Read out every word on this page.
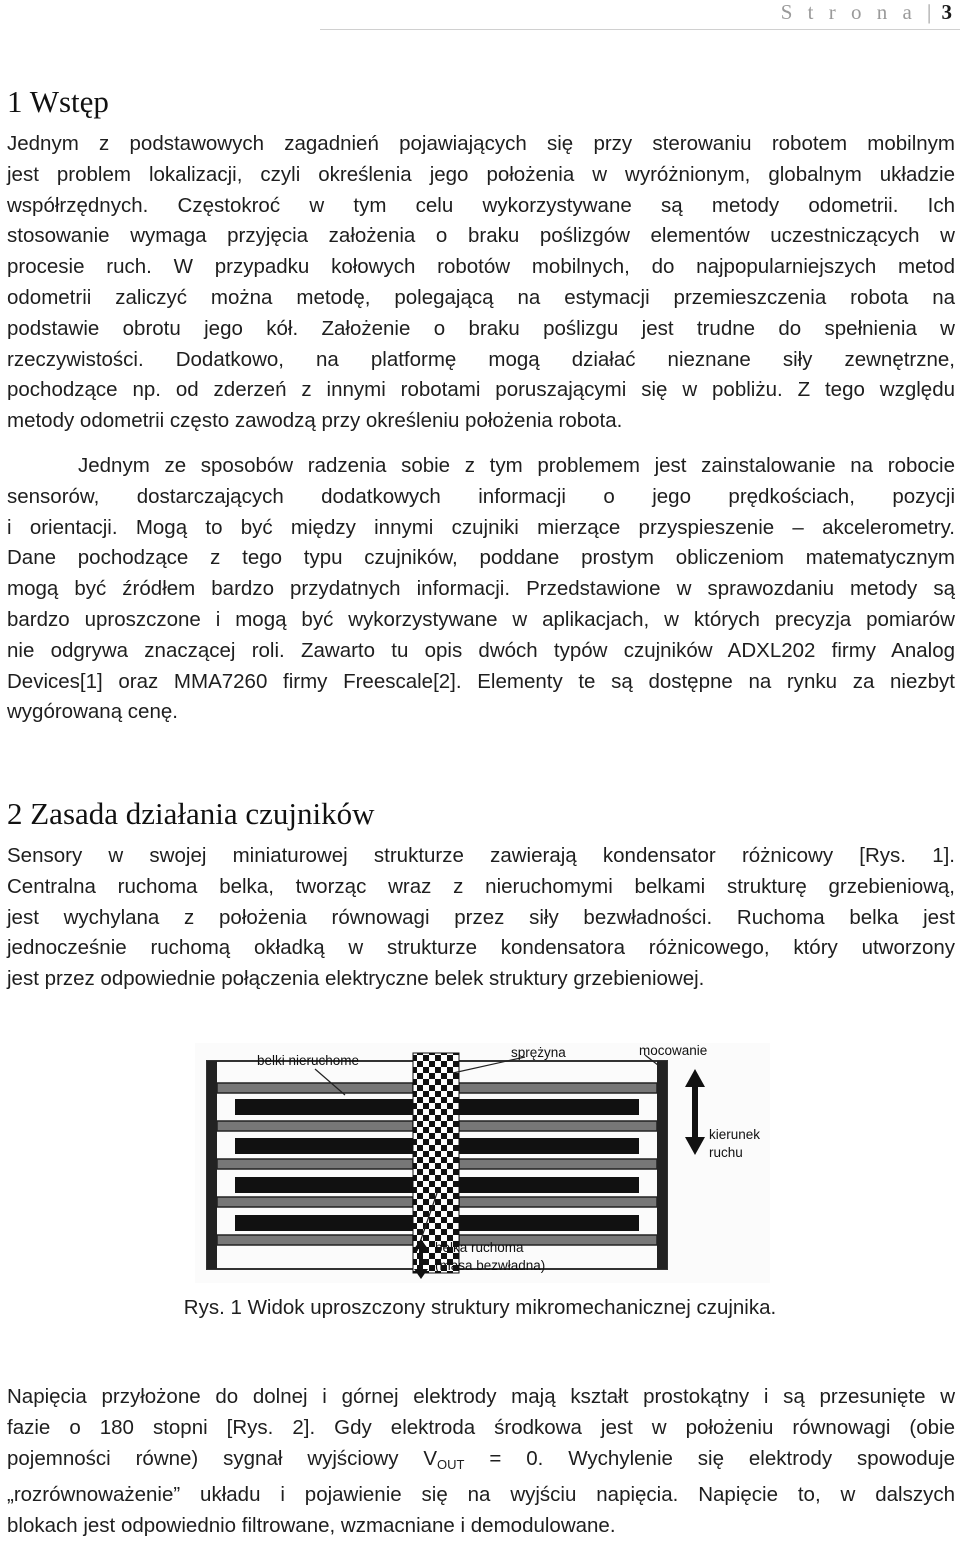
S t r o n a | 3
1 Wstęp
Jednym z podstawowych zagadnień pojawiających się przy sterowaniu robotem mobilnym
jest problem lokalizacji, czyli określenia jego położenia w wyróżnionym, globalnym układzie
współrzędnych. Częstokroć w tym celu wykorzystywane są metody odometrii. Ich
stosowanie wymaga przyjęcia założenia o braku poślizgów elementów uczestniczących w
procesie ruch. W przypadku kołowych robotów mobilnych, do najpopularniejszych metod
odometrii zaliczyć można metodę, polegającą na estymacji przemieszczenia robota na
podstawie obrotu jego kół. Założenie o braku poślizgu jest trudne do spełnienia w
rzeczywistości. Dodatkowo, na platformę mogą działać nieznane siły zewnętrzne,
pochodzące np. od zderzeń z innymi robotami poruszającymi się w pobliżu. Z tego względu
metody odometrii często zawodzą przy określeniu położenia robota.
Jednym ze sposobów radzenia sobie z tym problemem jest zainstalowanie na robocie
sensorów, dostarczających dodatkowych informacji o jego prędkościach, pozycji
i orientacji. Mogą to być między innymi czujniki mierzące przyspieszenie – akcelerometry.
Dane pochodzące z tego typu czujników, poddane prostym obliczeniom matematycznym
mogą być źródłem bardzo przydatnych informacji. Przedstawione w sprawozdaniu metody są
bardzo uproszczone i mogą być wykorzystywane w aplikacjach, w których precyzja pomiarów
nie odgrywa znaczącej roli. Zawarto tu opis dwóch typów czujników ADXL202 firmy Analog
Devices[1] oraz MMA7260 firmy Freescale[2]. Elementy te są dostępne na rynku za niezbyt
wygórowaną cenę.
2 Zasada działania czujników
Sensory w swojej miniaturowej strukturze zawierają kondensator różnicowy [Rys. 1].
Centralna ruchoma belka, tworząc wraz z nieruchomymi belkami strukturę grzebieniową,
jest wychylana z położenia równowagi przez siły bezwładności. Ruchoma belka jest
jednocześnie ruchomą okładką w strukturze kondensatora różnicowego, który utworzony
jest przez odpowiednie połączenia elektryczne belek struktury grzebieniowej.
belki nieruchome
sprężyna	mocowanie
kierunek
ruchu
belka ruchoma
(masa bezwładna)
Rys. 1 Widok uproszczony struktury mikromechanicznej czujnika.
Napięcia przyłożone do dolnej i górnej elektrody mają kształt prostokątny i są przesunięte w
fazie o 180 stopni [Rys. 2]. Gdy elektroda środkowa jest w położeniu równowagi (obie
pojemności równe) sygnał wyjściowy $V_{OUT} = 0$. Wychylenie się elektrody spowoduje
„rozrównoważenie” układu i pojawienie się na wyjściu napięcia. Napięcie to, w dalszych
blokach jest odpowiednio filtrowane, wzmacniane i demodulowane.
